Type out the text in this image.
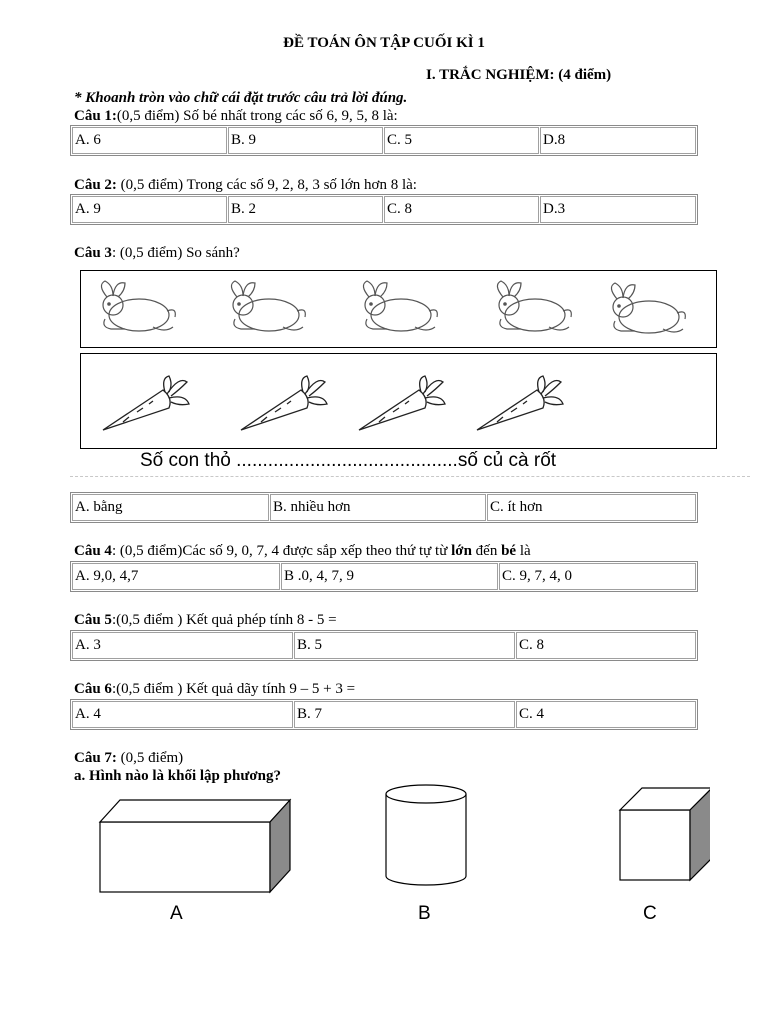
ĐỀ TOÁN ÔN TẬP CUỐI KÌ 1
I. TRẮC NGHIỆM: (4 điểm)
* Khoanh tròn vào chữ cái đặt trước câu trả lời đúng.
Câu 1:(0,5 điểm) Số bé nhất trong các số 6, 9, 5, 8 là:
A. 6	B. 9	C. 5	D.8
Câu 2: (0,5 điểm) Trong các số 9, 2, 8, 3 số lớn hơn 8 là:
A. 9	B. 2	C. 8	D.3
Câu 3: (0,5 điểm) So sánh?
Số con thỏ ..........................................số củ cà rốt
A. bằng	B. nhiều hơn	C. ít hơn
Câu 4: (0,5 điểm)Các số 9, 0, 7, 4 được sắp xếp theo thứ tự từ lớn đến bé là
A. 9,0, 4,7	B .0, 4, 7, 9	C. 9, 7, 4, 0
Câu 5:(0,5 điểm ) Kết quả phép tính 8 - 5 =
A. 3	B. 5	C. 8
Câu 6:(0,5 điểm ) Kết quả dãy tính 9 – 5 + 3 =
A. 4	B. 7	C. 4
Câu 7: (0,5 điểm)
a. Hình nào là khối lập phương?
A	B	C
